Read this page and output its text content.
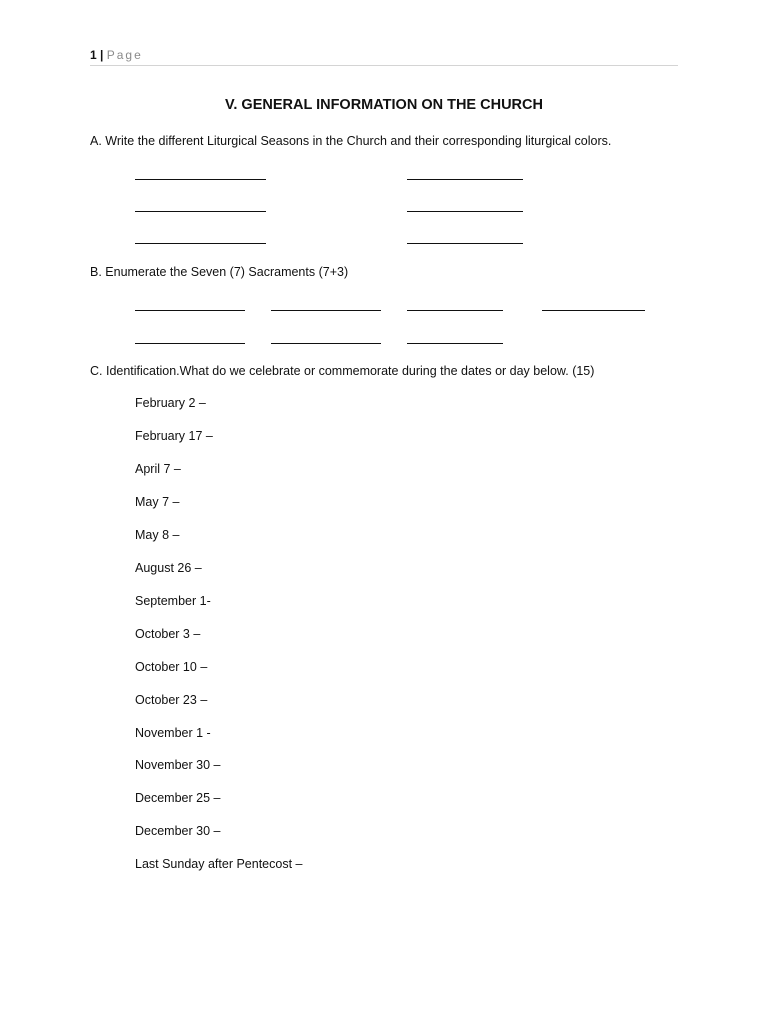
1 | Page
V. GENERAL INFORMATION ON THE CHURCH
A. Write the different Liturgical Seasons in the Church and their corresponding liturgical colors.
B. Enumerate the Seven (7) Sacraments (7+3)
C. Identification.What do we celebrate or commemorate during the dates or day below. (15)
February 2 –
February 17 –
April 7 –
May 7 –
May 8 –
August 26 –
September 1-
October 3 –
October 10 –
October 23 –
November 1 -
November 30 –
December 25 –
December 30 –
Last Sunday after Pentecost –
